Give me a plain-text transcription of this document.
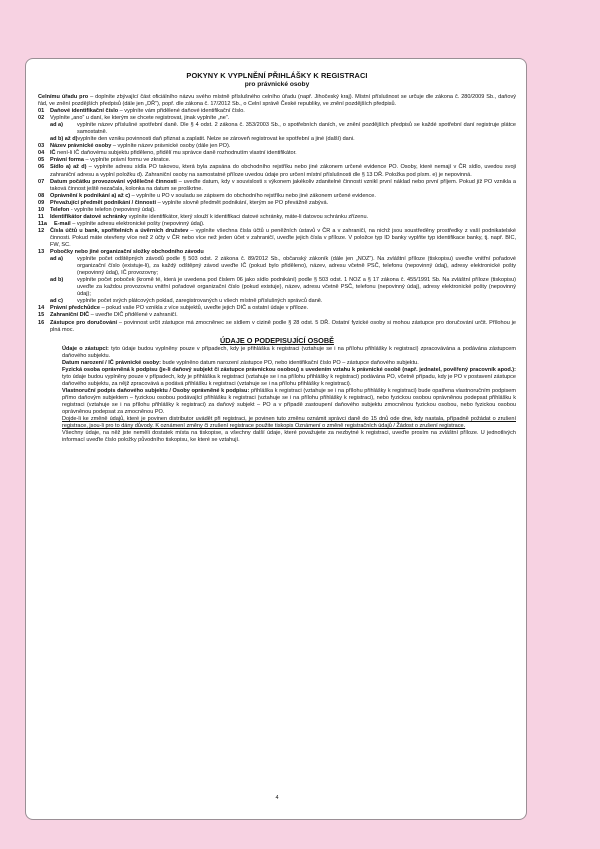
POKYNY K VYPLNĚNÍ PŘIHLÁŠKY K REGISTRACI
pro právnické osoby

Celnímu úřadu pro – doplníte zbývající část oficiálního názvu svého místně příslušného celního úřadu (např. Jihočeský kraj). Místní příslušnost se určuje dle zákona č. 280/2009 Sb., daňový řád, ve znění pozdějších předpisů (dále jen „DŘ“), popř. dle zákona č. 17/2012 Sb., o Celní správě České republiky, ve znění pozdějších předpisů.

01	Daňové identifikační číslo – vyplníte vám přidělené daňové identifikační číslo.
02	Vyplníte „ano“ u daní, ke kterým se chcete registrovat, jinak vyplníte „ne“.
ad a)	vyplníte název příslušné spotřební daně. Dle § 4 odst. 2 zákona č. 353/2003 Sb., o spotřebních daních, ve znění pozdějších předpisů se každé spotřební daní registruje plátce samostatně.
ad b) až d) vyplníte den vzniku povinnosti daň přiznat a zaplatit. Nelze se zároveň registrovat ke spotřební a jiné (další) dani.
03	Název právnické osoby – vyplníte název právnické osoby (dále jen PO).
04	IČ není-li IČ daňovému subjektu přiděleno, přidělí mu správce daně rozhodnutím vlastní identifikátor.
05	Právní forma – vyplníte právní formu ve zkratce.
06	Sídlo a) až d) – vyplníte adresu sídla PO takovou, která byla zapsána do obchodního rejstříku nebo jiné zákonem určené evidence PO. Osoby, které nemají v ČR sídlo, uvedou svoji zahraniční adresu a vyplní položku d). Zahraniční osoby na samostatné příloze uvedou údaje pro určení místní příslušnosti dle § 13 DŘ. Položka pod písm. e) je nepovinná.
07	Datum počátku provozování výdělečné činnosti – uveďte datum, kdy v souvislosti s výkonem jakékoliv zdanitelné činnosti vznikl první náklad nebo první příjem. Pokud jíž PO vznikla a taková činnost ještě nezačala, kolonka na datum se proškrtne.
08	Oprávnění k podnikání a) až c) – vyplníte u PO v souladu se zápisem do obchodního rejstříku nebo jiné zákonem určené evidence.
09	Převažující předmět podnikání / činnosti – vyplníte slovně předmět podnikání, kterým se PO převážně zabývá.
10	Telefon - vyplníte telefon (nepovinný údaj).
11	Identifikátor datové schránky vyplníte identifikátor, který slouží k identifikaci datové schránky, máte-li datovou schránku zřízenu.
11a	E-mail – vyplníte adresu elektronické pošty (nepovinný údaj).
12	Čísla účtů u bank, spořitelních a úvěrních družstev – vyplníte všechna čísla účtů u peněžních ústavů v ČR a v zahraničí, na nichž jsou soustředěny prostředky z vaší podnikatelské činnosti. Pokud máte otevřeny více než 2 účty v ČR nebo více než jeden účet v zahraničí, uveďte jejich čísla v příloze. V položce typ ID banky vyplňte typ identifikace banky, tj. např. BIC, FW, SC.
13	Pobočky nebo jiné organizační složky obchodního závodu
ad a)	vyplníte počet odštěpných závodů podle § 503 odst. 2 zákona č. 89/2012 Sb., občanský zákoník (dále jen „NOZ“). Na zvláštní příloze (tiskopisu) uveďte vnitřní pořadové organizační číslo (existuje-li), za každý odštěpný závod uveďte IČ (pokud bylo přiděleno), název, adresu včetně PSČ, telefonu (nepovinný údaj), adresy elektronické pošty (nepovinný údaj), IČ provozovny;
ad b)	vyplníte počet poboček (kromě té, která je uvedena pod číslem 06 jako sídlo podnikání) podle § 503 odst. 1 NOZ a § 17 zákona č. 455/1991 Sb. Na zvláštní příloze (tiskopisu) uveďte za každou provozovnu vnitřní pořadové organizační číslo (pokud existuje), název, adresu včetně PSČ, telefonu (nepovinný údaj), adresy elektronické pošty (nepovinný údaj);
ad c)	vyplníte počet svých plátcových poklad, zaregistrovaných u všech místně příslušných správců daně.
14	Právní předchůdce – pokud vaše PO vznikla z více subjektů, uveďte jejich DIČ a ostatní údaje v příloze.
15	Zahraniční DIČ – uveďte DIČ přidělené v zahraničí.
16	Zástupce pro doručování – povinnost určit zástupce má zmocněnec se sídlem v cizině podle § 28 odst. 5 DŘ. Ostatní fyzické osoby si mohou zástupce pro doručování určit. Přílohou je plná moc.
ÚDAJE O PODEPISUJÍCÍ OSOBĚ

Údaje o zástupci: tyto údaje budou vyplněny pouze v případech, kdy je přihláška k registraci (vztahuje se i na přílohu přihlášky k registraci) zpracovávána a podávána zástupcem daňového subjektu.

Datum narození / IČ právnické osoby: bude vyplněno datum narození zástupce PO, nebo identifikační číslo PO – zástupce daňového subjektu.

Fyzická osoba oprávněná k podpisu (je-li daňový subjekt či zástupce právnickou osobou) s uvedením vztahu k právnické osobě (např. jednatel, pověřený pracovník apod.): tyto údaje budou vyplněny pouze v případech, kdy je přihláška k registraci (vztahuje se i na přílohu přihlášky k registraci) podávána PO, včetně případu, kdy je PO v postavení zástupce daňového subjektu, za nějž zpracovává a podává přihlášku k registraci (vztahuje se i na přílohu přihlášky k registraci).

Vlastnoruční podpis daňového subjektu / Osoby oprávněné k podpisu: přihláška k registraci (vztahuje se i na přílohu přihlášky k registraci) bude opatřena vlastnoručním podpisem přímo daňovým subjektem – fyzickou osobou podávající přihlášku k registraci (vztahuje se i na přílohu přihlášky k registraci), nebo fyzickou osobou oprávněnou podepsat přihlášku k registraci (vztahuje se i na přílohu přihlášky k registraci) za daňový subjekt – PO a v případě zastoupení daňového subjektu zmocněnou fyzickou osobou, nebo fyzickou osobou oprávněnou podepsat za zmocněnou PO.

Dojde-li ke změně údajů, které je povinen distributor uvádět při registraci, je povinen tuto změnu oznámit správci daně do 15 dnů ode dne, kdy nastala, případně požádat o zrušení registrace, jsou-li pro to dány důvody. K oznámení změny či zrušení registrace použite tiskopis Oznámení o změně registračních údajů / Žádost o zrušení registrace.

Všechny údaje, na něž jste neměli dostatek místa na tiskopise, a všechny další údaje, které považujete za nezbytné k registraci, uveďte prosím na zvláštní příloze. U jednotlivých informací uveďte číslo položky původního tiskopisu, ke které se vztahují.

4
